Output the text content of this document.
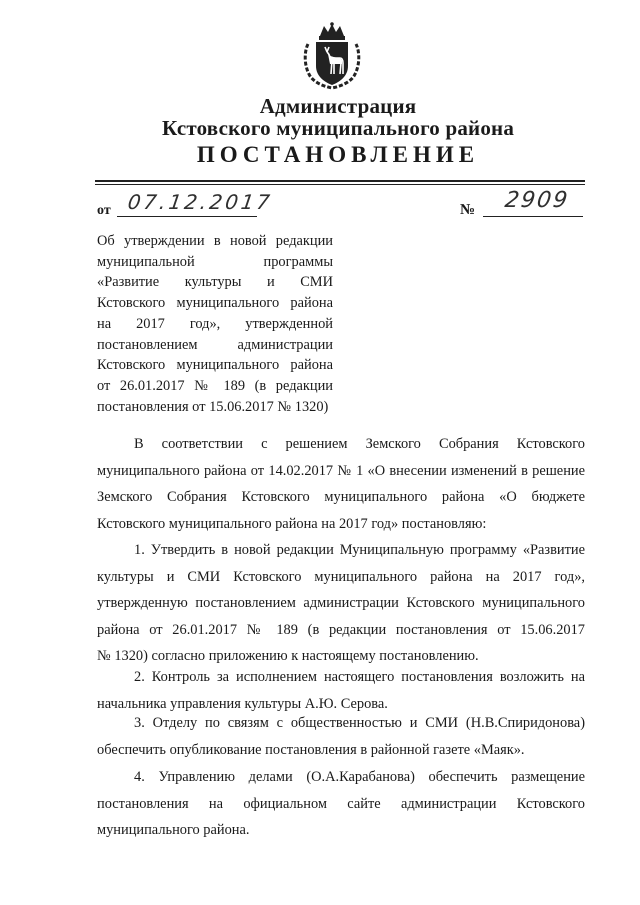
Администрация
Кстовского муниципального района
ПОСТАНОВЛЕНИЕ
от 07.12.2017	№ 2909
Об утверждении в новой редакции
муниципальной программы
«Развитие культуры и СМИ
Кстовского муниципального района
на 2017 год», утвержденной
постановлением администрации
Кстовского муниципального района
от 26.01.2017 № 189 (в редакции
постановления от 15.06.2017 № 1320)
В соответствии с решением Земского Собрания Кстовского
муниципального района от 14.02.2017 № 1 «О внесении изменений в решение
Земского Собрания Кстовского муниципального района «О бюджете
Кстовского муниципального района на 2017 год» постановляю:
1. Утвердить в новой редакции Муниципальную программу «Развитие
культуры и СМИ Кстовского муниципального района на 2017 год»,
утвержденную постановлением администрации Кстовского муниципального
района от 26.01.2017 № 189 (в редакции постановления от 15.06.2017
№ 1320) согласно приложению к настоящему постановлению.
2. Контроль за исполнением настоящего постановления возложить на
начальника управления культуры А.Ю. Серова.
3. Отделу по связям с общественностью и СМИ (Н.В.Спиридонова)
обеспечить опубликование постановления в районной газете «Маяк».
4. Управлению делами (О.А.Карабанова) обеспечить размещение
постановления на официальном сайте администрации Кстовского
муниципального района.
